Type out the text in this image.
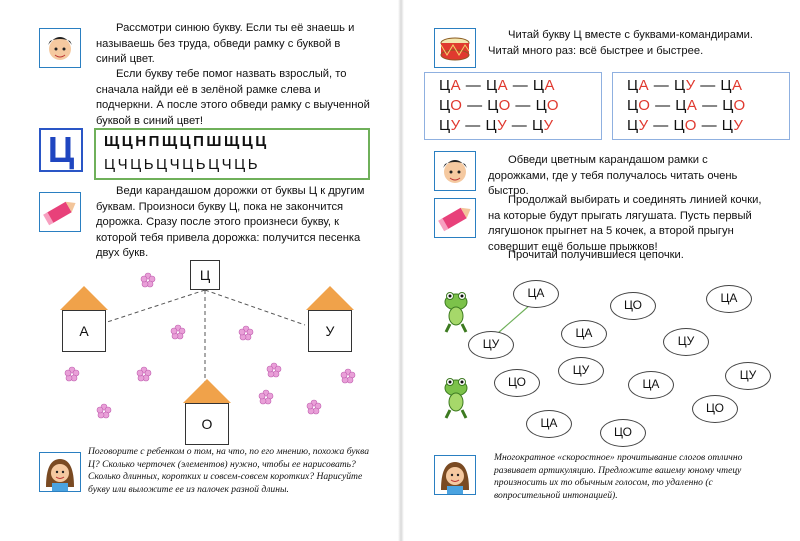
Рассмотри синюю букву. Если ты её знаешь и называешь без труда, обведи рамку с буквой в синий цвет.

Если букву тебе помог назвать взрослый, то сначала найди её в зелёной рамке слева и подчеркни. А после этого обведи рамку с выученной буквой в синий цвет!

Ц	ЩЦНПЩЦПШЩЦЦ
ЦЧЦЬЦЧЦЬЦЧЦЬ

Веди карандашом дорожки от буквы Ц к другим буквам. Произноси букву Ц, пока не закончится дорожка. Сразу после этого произнеси букву, к которой тебя привела дорожка: получится песенка двух букв.

Ц
А	У
О

Поговорите с ребенком о том, на что, по его мнению, похожа буква Ц? Сколько черточек (элементов) нужно, чтобы ее нарисовать? Сколько длинных, коротких и совсем-совсем коротких? Нарисуйте букву или выложите ее из палочек разной длины.

Читай букву Ц вместе с буквами-командирами. Читай много раз: всё быстрее и быстрее.

ЦА — ЦА — ЦА
ЦО — ЦО — ЦО
ЦУ — ЦУ — ЦУ
ЦА — ЦУ — ЦА
ЦО — ЦА — ЦО
ЦУ — ЦО — ЦУ

Обведи цветным карандашом рамки с дорожками, где у тебя получалось читать очень быстро.

Продолжай выбирать и соединять линией кочки, на которые будут прыгать лягушата. Пусть первый лягушонок прыгнет на 5 кочек, а второй прыгун совершит ещё больше прыжков!

Прочитай получившиеся цепочки.

ЦА
ЦО	ЦА
ЦУ
ЦА
ЦУ
ЦО
ЦУ
ЦА
ЦУ
ЦО
ЦА
ЦО

Многократное «скоростное» прочитывание слогов отлично развивает артикуляцию. Предложите вашему юному чтецу произносить их то обычным голосом, то удаленно (с вопросительной интонацией).
